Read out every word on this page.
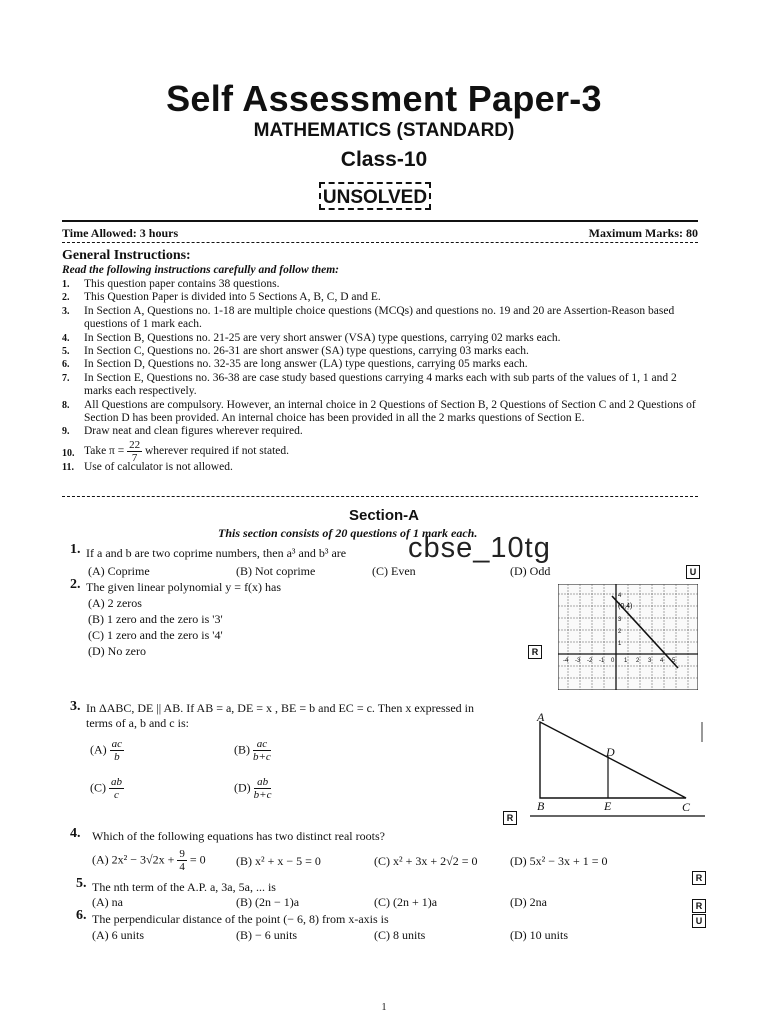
Self Assessment Paper-3
MATHEMATICS (STANDARD)
Class-10
UNSOLVED
Time Allowed: 3 hours	Maximum Marks: 80
General Instructions:
Read the following instructions carefully and follow them:
1. This question paper contains 38 questions.
2. This Question Paper is divided into 5 Sections A, B, C, D and E.
3. In Section A, Questions no. 1-18 are multiple choice questions (MCQs) and questions no. 19 and 20 are Assertion-Reason based questions of 1 mark each.
4. In Section B, Questions no. 21-25 are very short answer (VSA) type questions, carrying 02 marks each.
5. In Section C, Questions no. 26-31 are short answer (SA) type questions, carrying 03 marks each.
6. In Section D, Questions no. 32-35 are long answer (LA) type questions, carrying 05 marks each.
7. In Section E, Questions no. 36-38 are case study based questions carrying 4 marks each with sub parts of the values of 1, 1 and 2 marks each respectively.
8. All Questions are compulsory. However, an internal choice in 2 Questions of Section B, 2 Questions of Section C and 2 Questions of Section D has been provided. An internal choice has been provided in all the 2 marks questions of Section E.
9. Draw neat and clean figures wherever required.
10. Take $\pi = \frac{22}{7}$ wherever required if not stated.
11. Use of calculator is not allowed.
Section-A
This section consists of 20 questions of 1 mark each.
cbse_10tg
1. If a and b are two coprime numbers, then a³ and b³ are
(A) Coprime	(B) Not coprime	(C) Even	(D) Odd	U
2. The given linear polynomial y = f(x) has
(A) 2 zeros
(B) 1 zero and the zero is '3'
(C) 1 zero and the zero is '4'
(D) No zero	R
(0,4)
-4 -3 -2 -1 0 1 2 3 4 5
4
3
2
1
3. In ΔABC, DE || AB. If AB = a, DE = x , BE = b and EC = c. Then x expressed in
terms of a, b and c is:
$(A) \frac{ac}{b}$	$(B) \frac{ac}{b+c}$
$(C) \frac{ab}{c}$	$(D) \frac{ab}{b+c}$
R
A
B	C
D
E
4. Which of the following equations has two distinct real roots?
(A) $2x^2 - 3√2x + \frac{9}{4} = 0$	(B) x² + x − 5 = 0	(C) x² + 3x + 2√2 = 0	(D) 5x² − 3x + 1 = 0
R
5. The nth term of the A.P. a, 3a, 5a, ... is
(A) na	(B) (2n − 1)a	(C) (2n + 1)a	(D) 2na	R
6. The perpendicular distance of the point (− 6, 8) from x-axis is
(A) 6 units	(B) − 6 units	(C) 8 units	(D) 10 units
U
1
